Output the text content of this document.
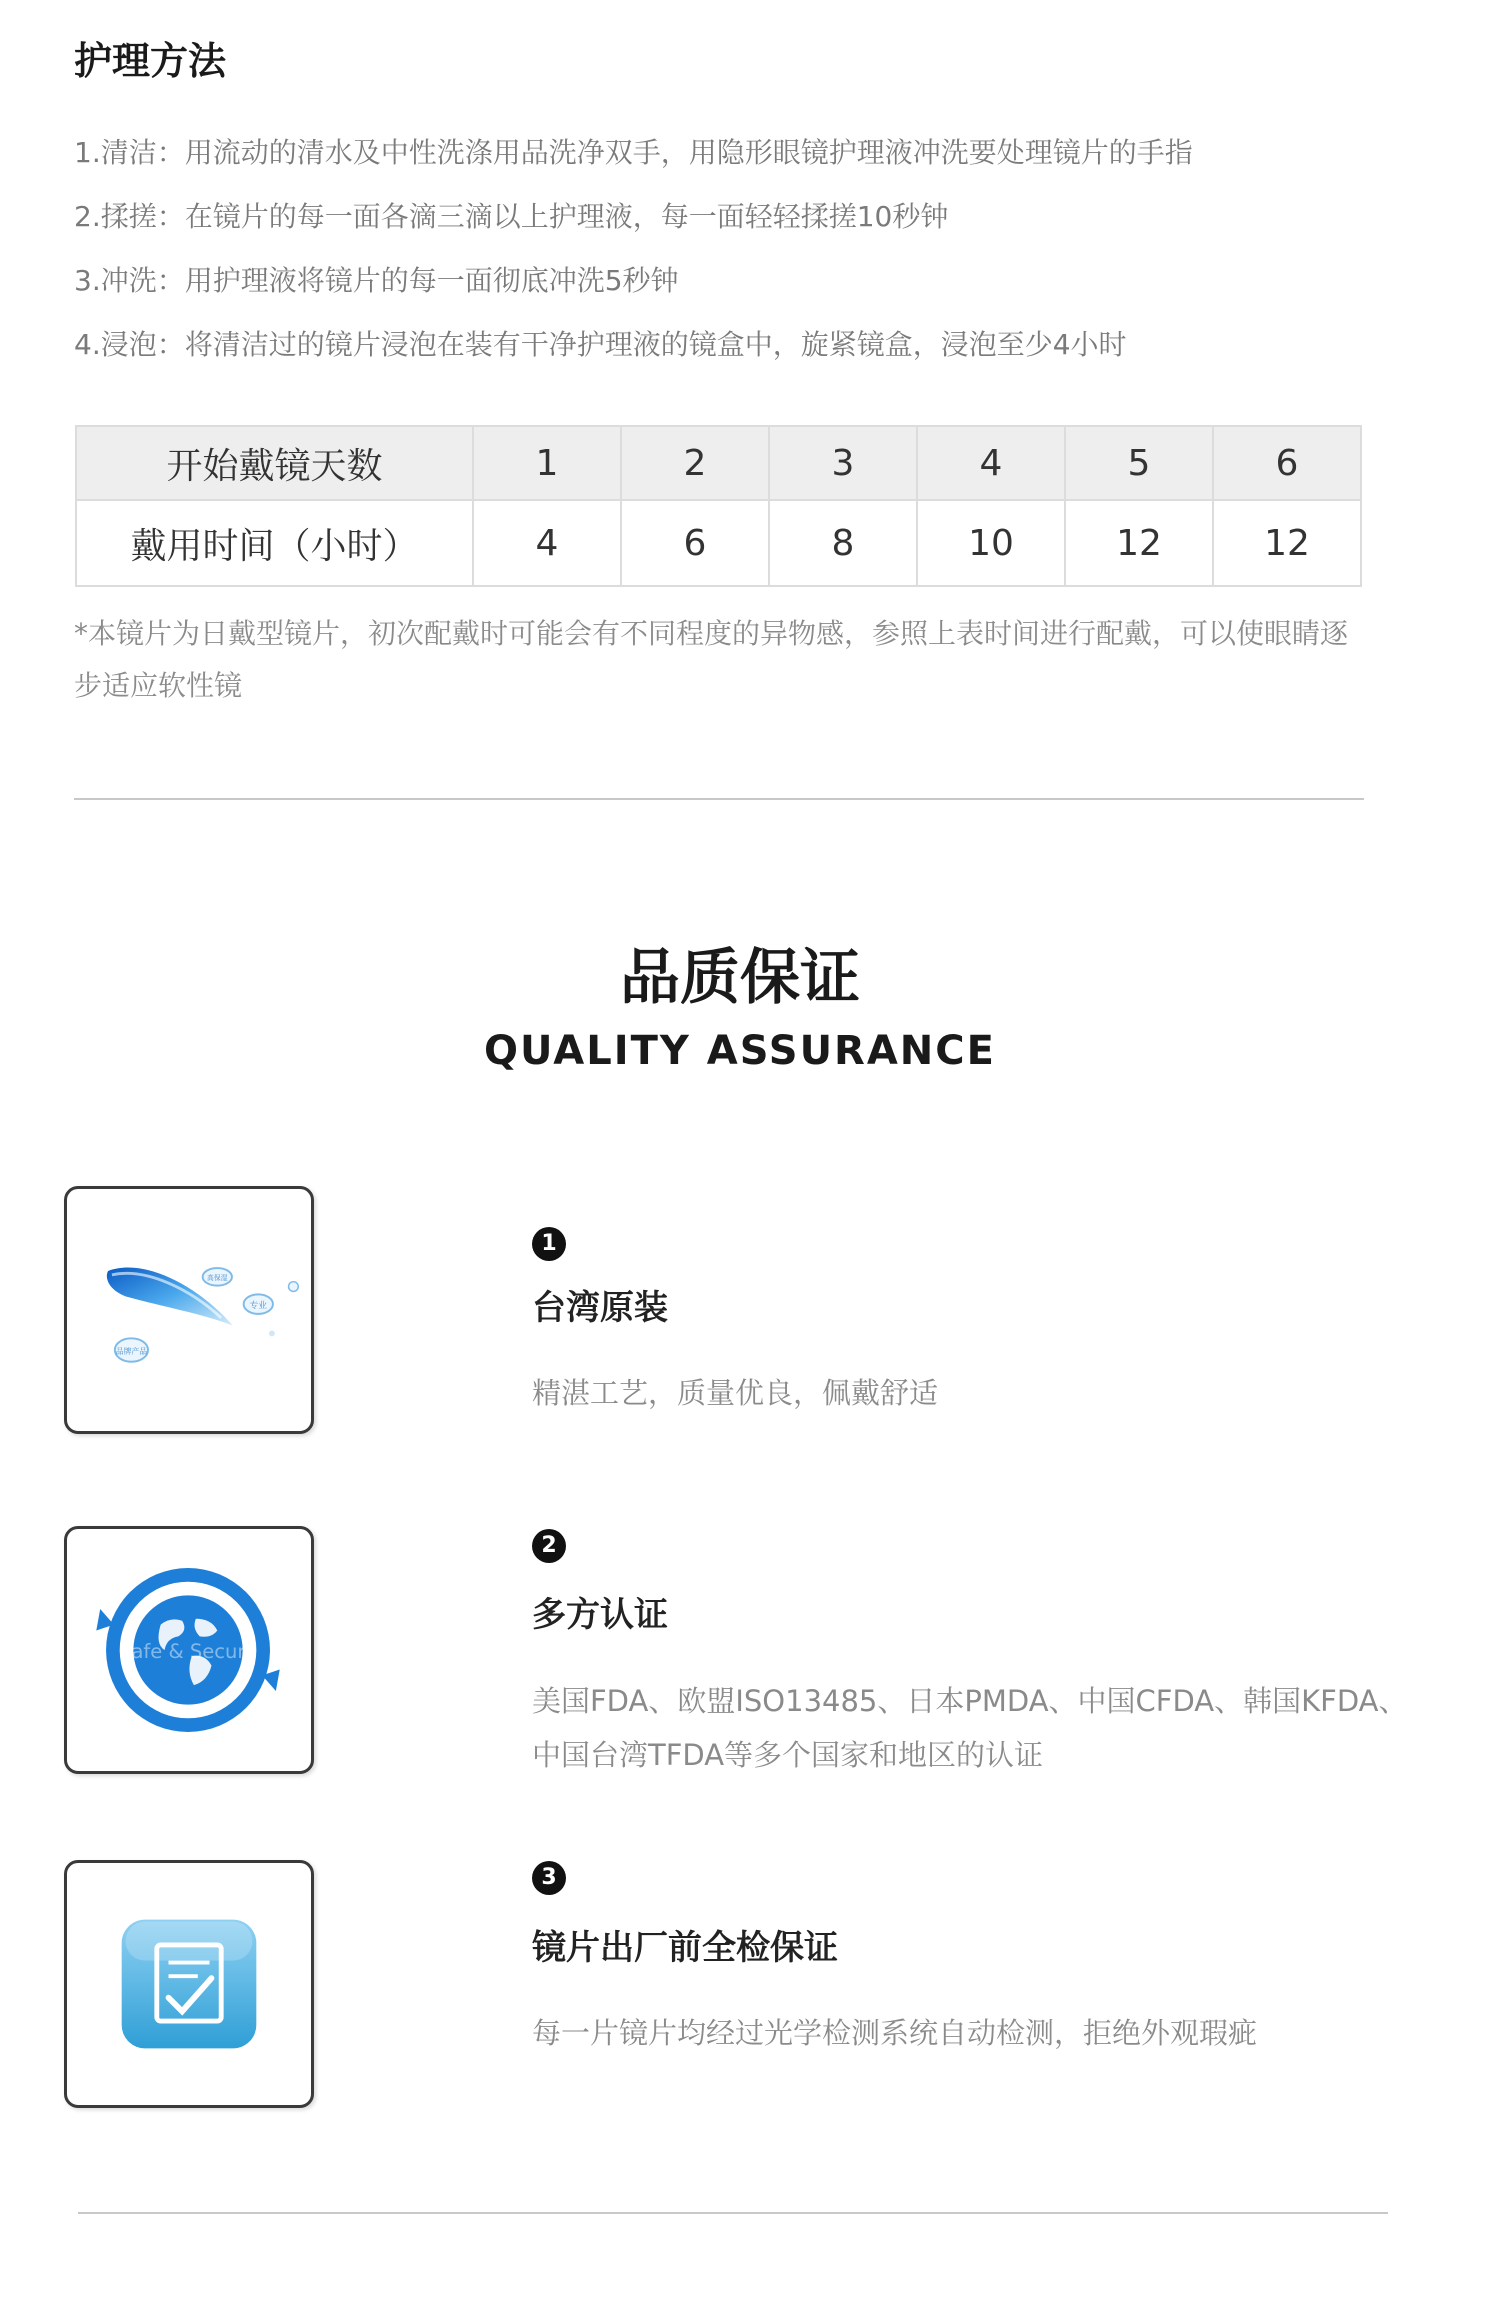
护理方法
1.清洁：用流动的清水及中性洗涤用品洗净双手，用隐形眼镜护理液冲洗要处理镜片的手指
2.揉搓：在镜片的每一面各滴三滴以上护理液，每一面轻轻揉搓10秒钟
3.冲洗：用护理液将镜片的每一面彻底冲洗5秒钟
4.浸泡：将清洁过的镜片浸泡在装有干净护理液的镜盒中，旋紧镜盒，浸泡至少4小时
开始戴镜天数	1	2	3	4	5	6
戴用时间（小时）	4	6	8	10	12	12
*本镜片为日戴型镜片，初次配戴时可能会有不同程度的异物感，参照上表时间进行配戴，可以使眼睛逐步适应软性镜
品质保证
QUALITY ASSURANCE
高保湿
专业
品牌产品
1
台湾原装
精湛工艺，质量优良，佩戴舒适
Safe & Secure
2
多方认证
美国FDA、欧盟ISO13485、日本PMDA、中国CFDA、韩国KFDA、中国台湾TFDA等多个国家和地区的认证
3
镜片出厂前全检保证
每一片镜片均经过光学检测系统自动检测，拒绝外观瑕疵
